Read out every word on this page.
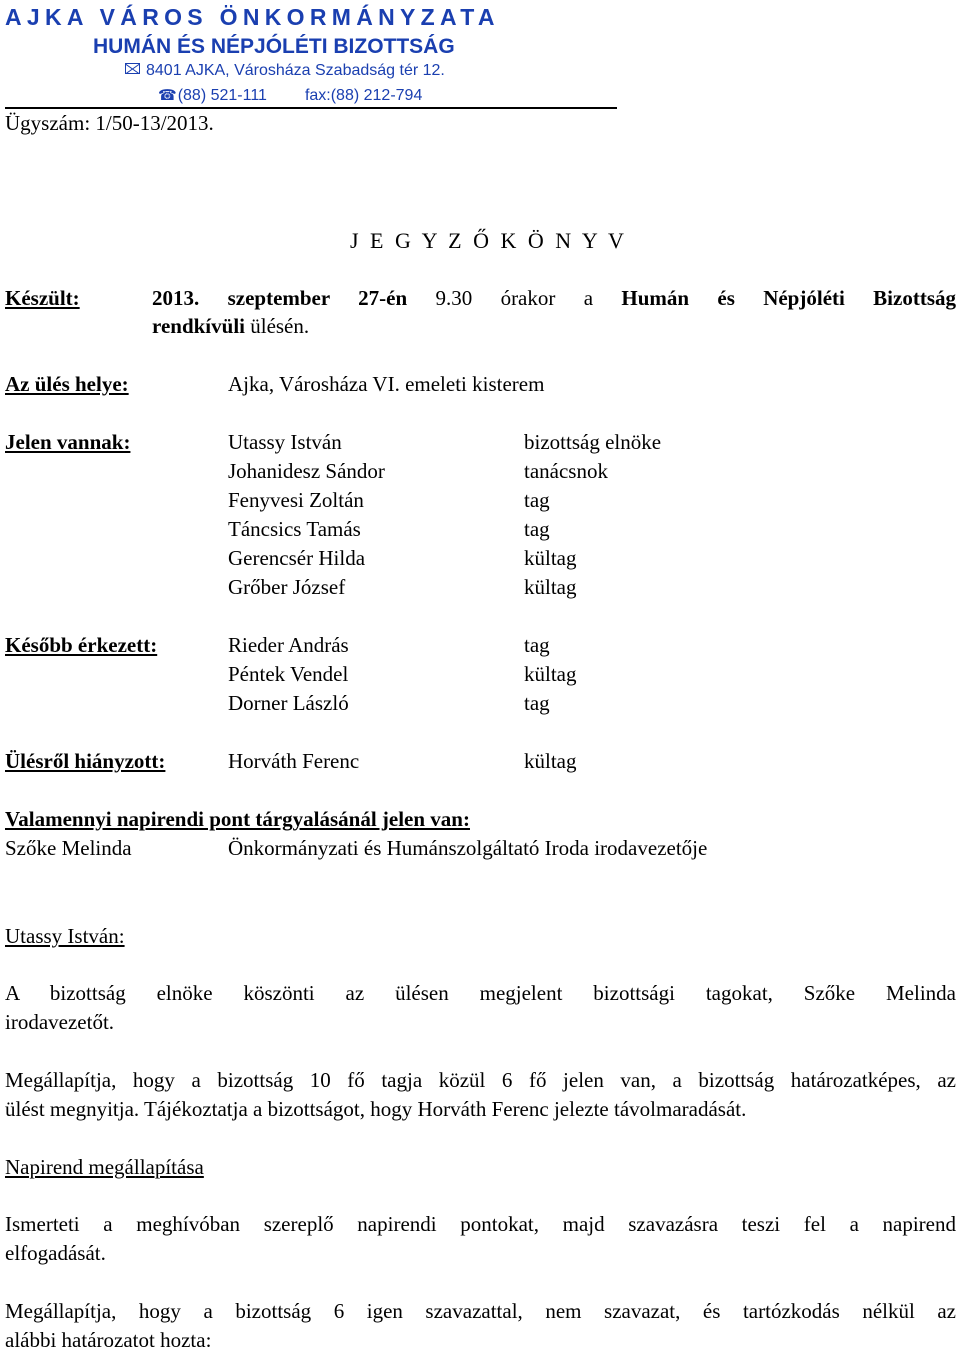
AJKA VÁROS ÖNKORMÁNYZATA
HUMÁN ÉS NÉPJÓLÉTI BIZOTTSÁG
8401 AJKA, Városháza Szabadság tér 12.
☎(88) 521-111 fax:(88) 212-794
Ügyszám: 1/50-13/2013.
J E G Y Z Ő K Ö N Y V
Készült:	2013. szeptember 27-én 9.30 órakor a Humán és Népjóléti Bizottság
rendkívüli ülésén.
Az ülés helye:	Ajka, Városháza VI. emeleti kisterem
Jelen vannak:	Utassy István	bizottság elnöke
Johanidesz Sándor	tanácsnok
Fenyvesi Zoltán	tag
Táncsics Tamás	tag
Gerencsér Hilda	kültag
Grőber József	kültag
Később érkezett:	Rieder András	tag
Péntek Vendel	kültag
Dorner László	tag
Ülésről hiányzott:	Horváth Ferenc	kültag
Valamennyi napirendi pont tárgyalásánál jelen van:
Szőke Melinda	Önkormányzati és Humánszolgáltató Iroda irodavezetője
Utassy István:
A bizottság elnöke köszönti az ülésen megjelent bizottsági tagokat, Szőke Melinda
irodavezetőt.
Megállapítja, hogy a bizottság 10 fő tagja közül 6 fő jelen van, a bizottság határozatképes, az
ülést megnyitja. Tájékoztatja a bizottságot, hogy Horváth Ferenc jelezte távolmaradását.
Napirend megállapítása
Ismerteti a meghívóban szereplő napirendi pontokat, majd szavazásra teszi fel a napirend
elfogadását.
Megállapítja, hogy a bizottság 6 igen szavazattal, nem szavazat, és tartózkodás nélkül az
alábbi határozatot hozta:
